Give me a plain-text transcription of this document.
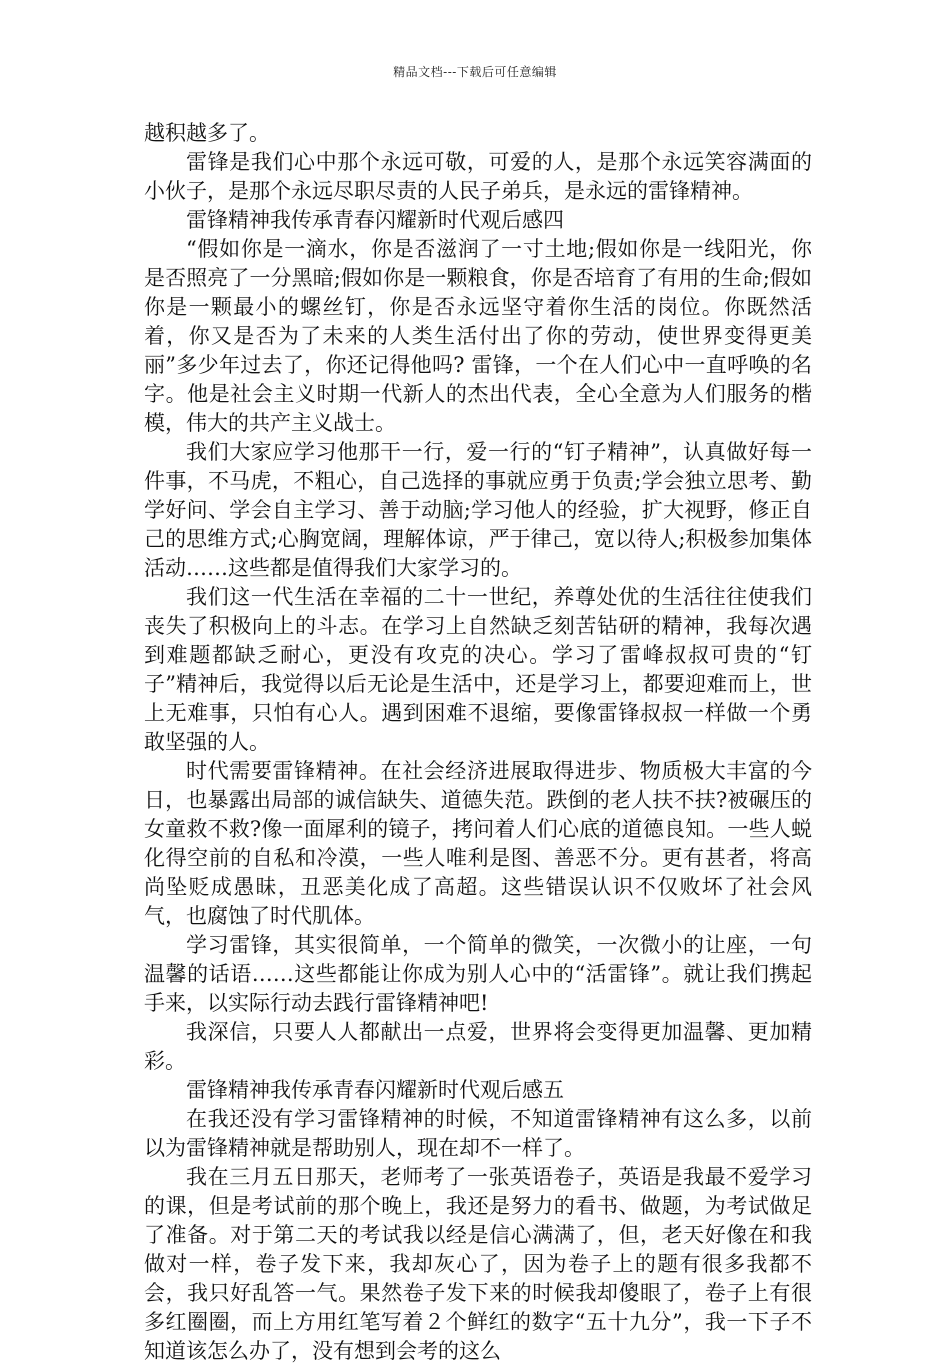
精品文档---下载后可任意编辑

越积越多了。

雷锋是我们心中那个永远可敬，可爱的人，是那个永远笑容满面的小伙子，是那个永远尽职尽责的人民子弟兵，是永远的雷锋精神。

雷锋精神我传承青春闪耀新时代观后感四

“假如你是一滴水，你是否滋润了一寸土地;假如你是一线阳光，你是否照亮了一分黑暗;假如你是一颗粮食，你是否培育了有用的生命;假如你是一颗最小的螺丝钉，你是否永远坚守着你生活的岗位。你既然活着，你又是否为了未来的人类生活付出了你的劳动，使世界变得更美丽”多少年过去了，你还记得他吗? 雷锋，一个在人们心中一直呼唤的名字。他是社会主义时期一代新人的杰出代表，全心全意为人们服务的楷模，伟大的共产主义战士。

我们大家应学习他那干一行，爱一行的“钉子精神”，认真做好每一件事，不马虎，不粗心，自己选择的事就应勇于负责;学会独立思考、勤学好问、学会自主学习、善于动脑;学习他人的经验，扩大视野，修正自己的思维方式;心胸宽阔，理解体谅，严于律己，宽以待人;积极参加集体活动……这些都是值得我们大家学习的。

我们这一代生活在幸福的二十一世纪，养尊处优的生活往往使我们丧失了积极向上的斗志。在学习上自然缺乏刻苦钻研的精神，我每次遇到难题都缺乏耐心，更没有攻克的决心。学习了雷峰叔叔可贵的“钉子”精神后，我觉得以后无论是生活中，还是学习上，都要迎难而上，世上无难事，只怕有心人。遇到困难不退缩，要像雷锋叔叔一样做一个勇敢坚强的人。

时代需要雷锋精神。在社会经济进展取得进步、物质极大丰富的今日，也暴露出局部的诚信缺失、道德失范。跌倒的老人扶不扶?被碾压的女童救不救?像一面犀利的镜子，拷问着人们心底的道德良知。一些人蜕化得空前的自私和冷漠，一些人唯利是图、善恶不分。更有甚者，将高尚坠贬成愚昧，丑恶美化成了高超。这些错误认识不仅败坏了社会风气，也腐蚀了时代肌体。

学习雷锋，其实很简单，一个简单的微笑，一次微小的让座，一句温馨的话语……这些都能让你成为别人心中的“活雷锋”。就让我们携起手来，以实际行动去践行雷锋精神吧!

我深信，只要人人都献出一点爱，世界将会变得更加温馨、更加精彩。

雷锋精神我传承青春闪耀新时代观后感五

在我还没有学习雷锋精神的时候，不知道雷锋精神有这么多，以前以为雷锋精神就是帮助别人，现在却不一样了。

我在三月五日那天，老师考了一张英语卷子，英语是我最不爱学习的课，但是考试前的那个晚上，我还是努力的看书、做题，为考试做足了准备。对于第二天的考试我以经是信心满满了，但，老天好像在和我做对一样，卷子发下来，我却灰心了，因为卷子上的题有很多我都不会，我只好乱答一气。果然卷子发下来的时候我却傻眼了，卷子上有很多红圈圈，而上方用红笔写着２个鲜红的数字“五十九分”，我一下子不知道该怎么办了，没有想到会考的这么
